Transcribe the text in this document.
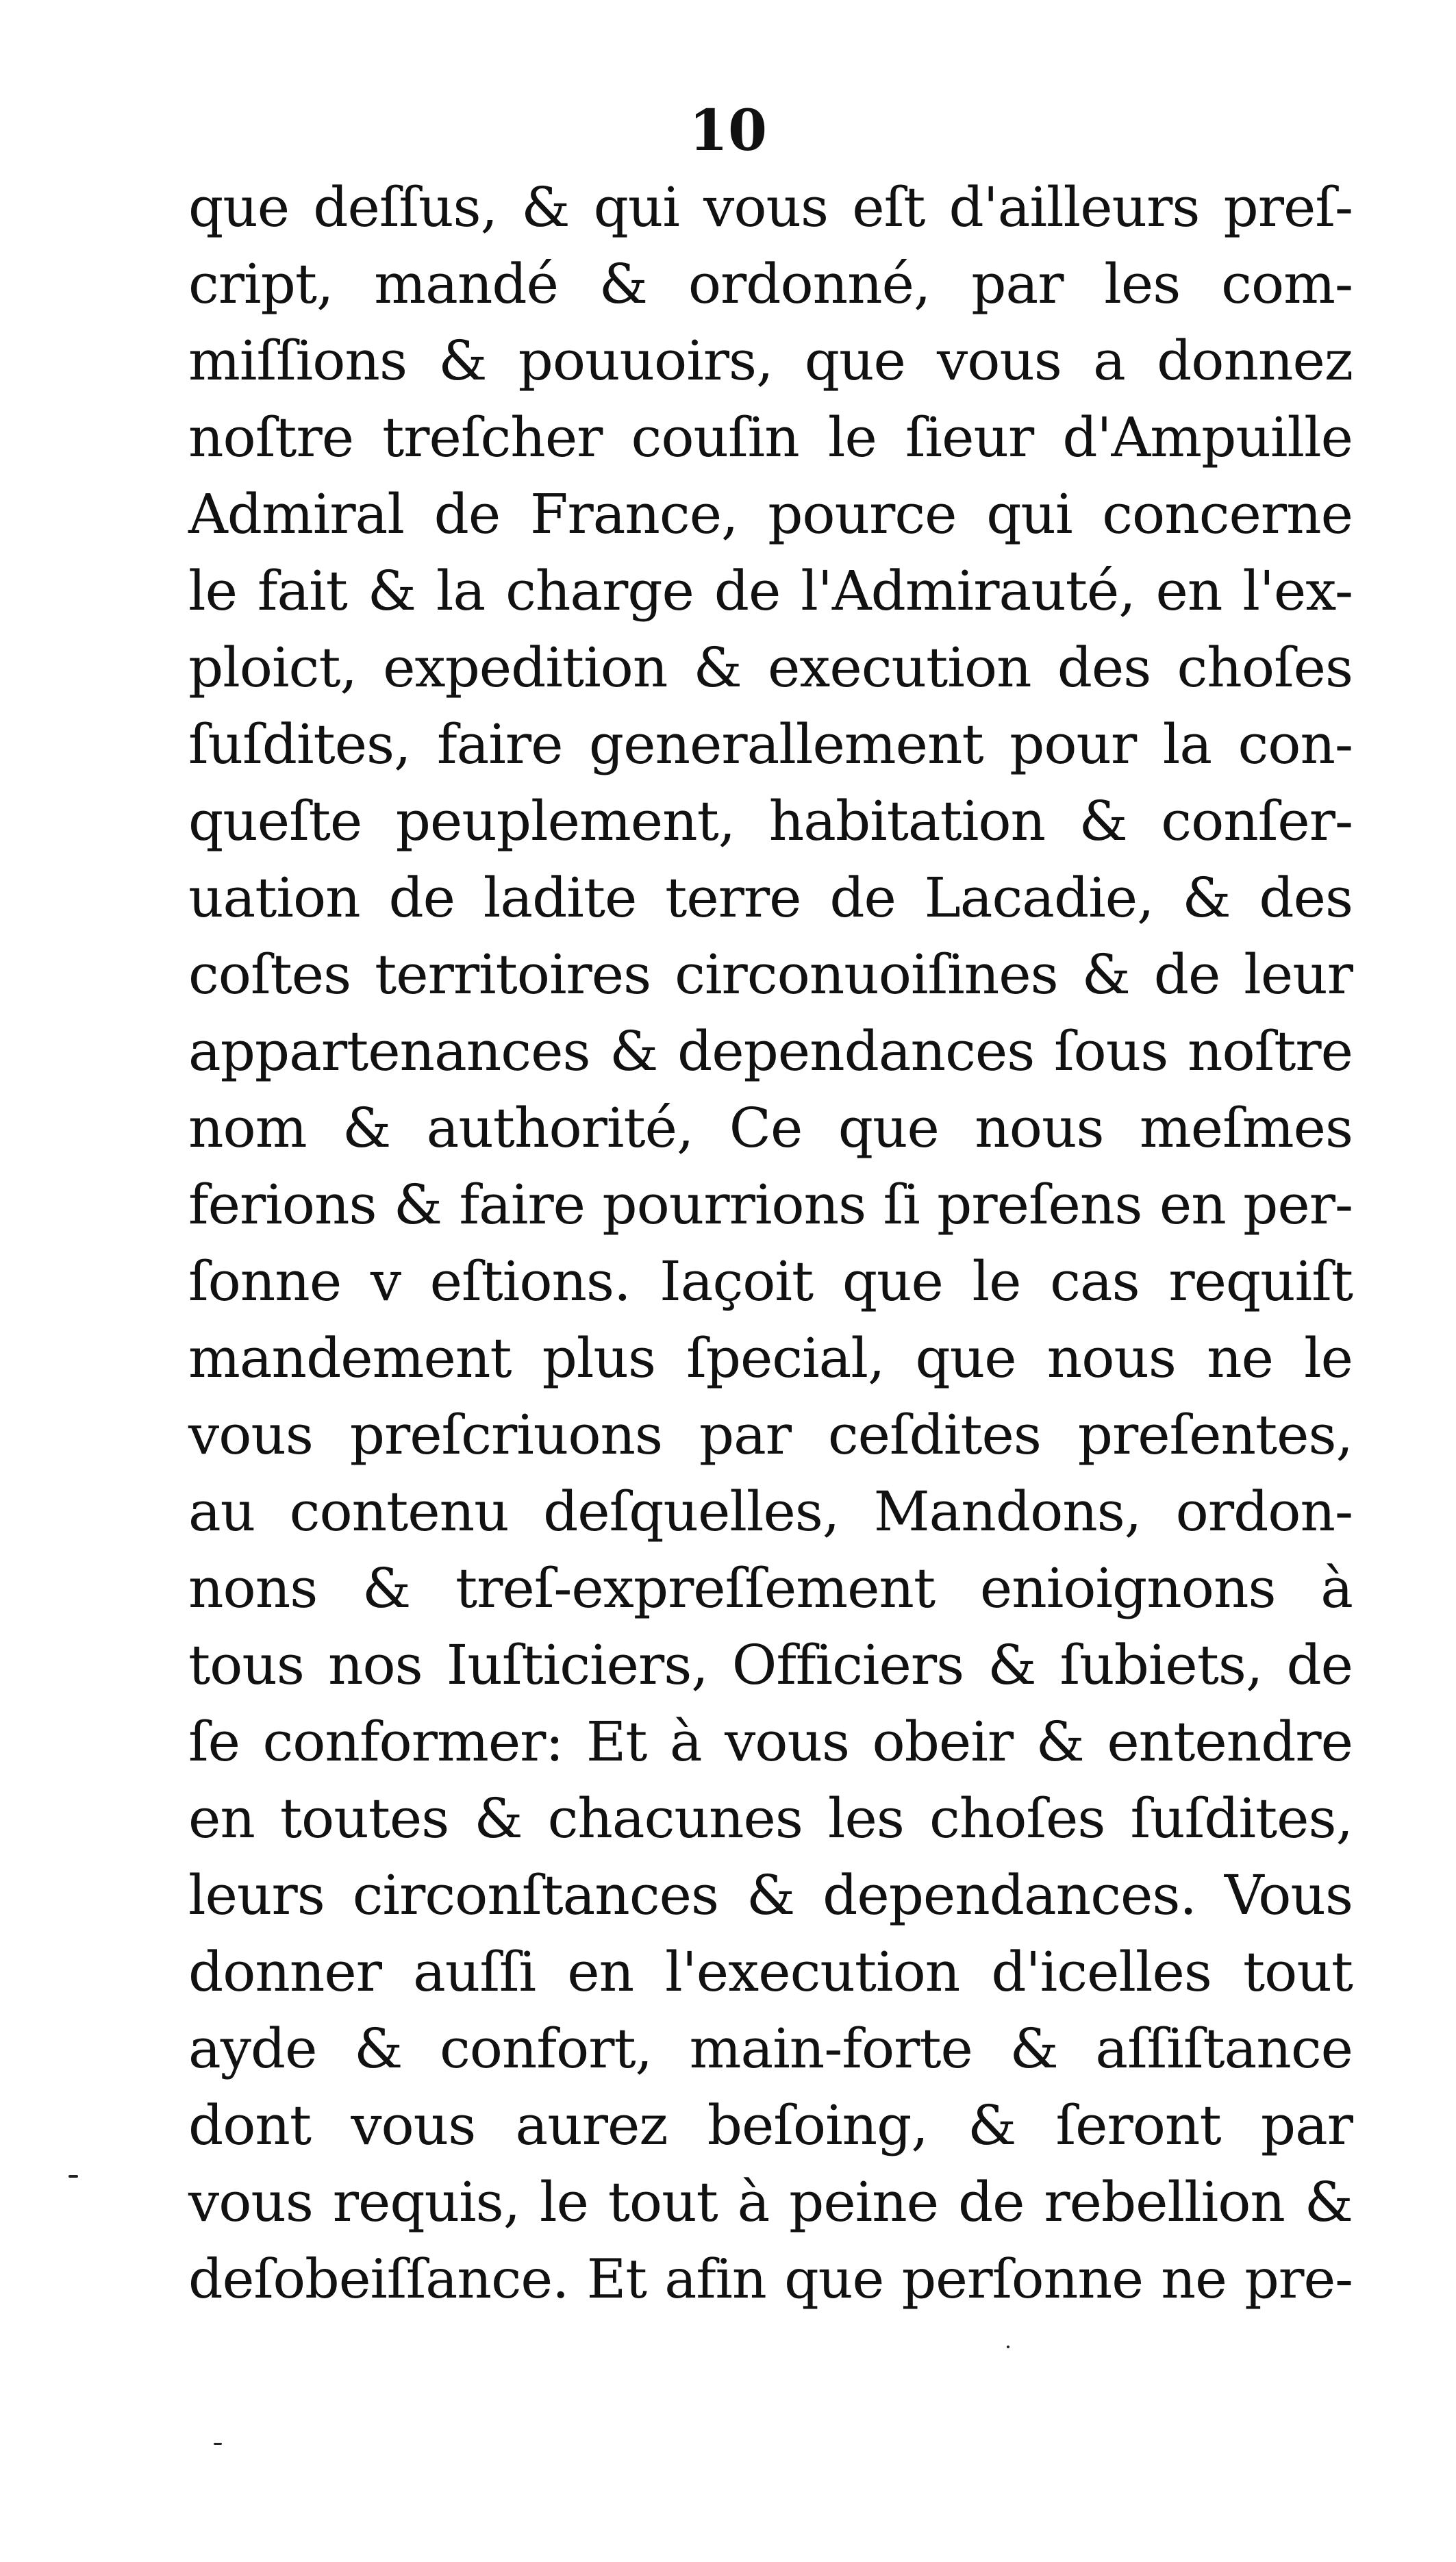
10
que deſſus, & qui vous eſt d'ailleurs preſ-
cript, mandé & ordonné, par les com-
miſſions & pouuoirs, que vous a donnez
noſtre treſcher couſin le ſieur d'Ampuille
Admiral de France, pource qui concerne
le fait & la charge de l'Admirauté, en l'ex-
ploict, expedition & execution des choſes
ſuſdites, faire generallement pour la con-
queſte peuplement, habitation & conſer-
uation de ladite terre de Lacadie, & des
coſtes territoires circonuoiſines & de leur
appartenances & dependances ſous noſtre
nom & authorité, Ce que nous meſmes
ferions & faire pourrions ſi preſens en per-
ſonne v eſtions. Iaçoit que le cas requiſt
mandement plus ſpecial, que nous ne le
vous preſcriuons par ceſdites preſentes,
au contenu deſquelles, Mandons, ordon-
nons & treſ-expreſſement enioignons à
tous nos Iuſticiers, Officiers & ſubiets, de
ſe conformer: Et à vous obeir & entendre
en toutes & chacunes les choſes ſuſdites,
leurs circonſtances & dependances. Vous
donner auſſi en l'execution d'icelles tout
ayde & confort, main-forte & aſſiſtance
dont vous aurez beſoing, & ſeront par
vous requis, le tout à peine de rebellion &
deſobeiſſance. Et afin que perſonne ne pre-
